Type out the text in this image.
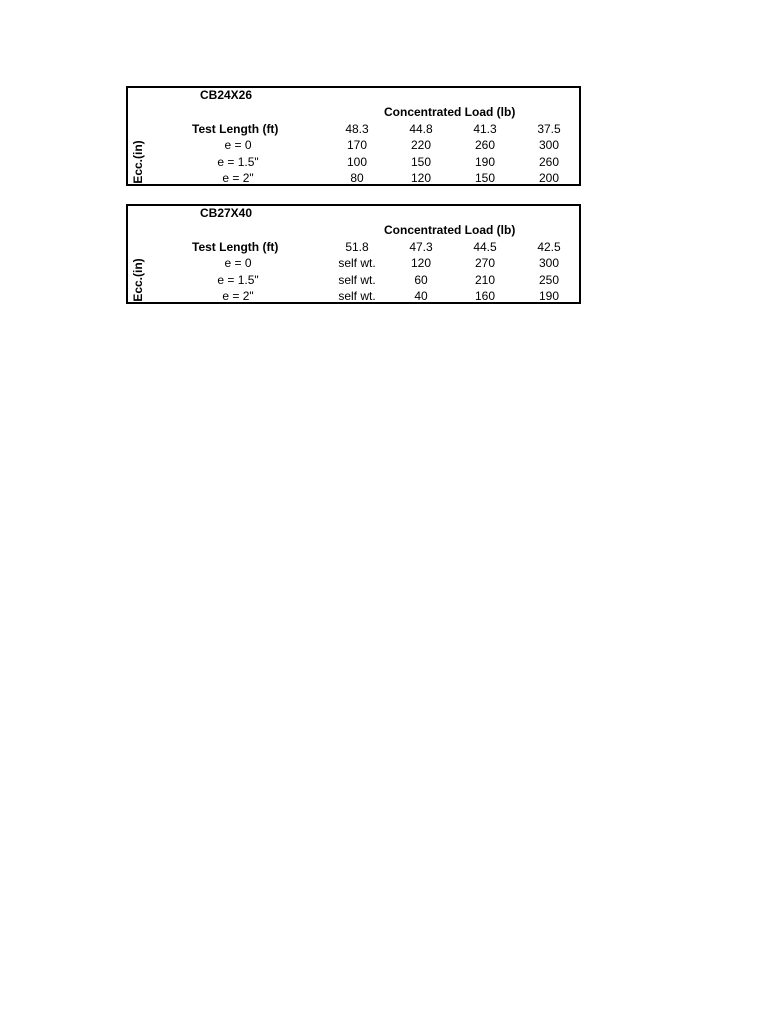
CB24X26
Concentrated Load (lb)
Test Length (ft)	48.3	44.8	41.3	37.5
Ecc.(in)	e = 0	170	220	260	300
e = 1.5"	100	150	190	260
e = 2"	80	120	150	200
CB27X40
Concentrated Load (lb)
Test Length (ft)	51.8	47.3	44.5	42.5
Ecc.(in)	e = 0	self wt.	120	270	300
e = 1.5"	self wt.	60	210	250
e = 2"	self wt.	40	160	190
